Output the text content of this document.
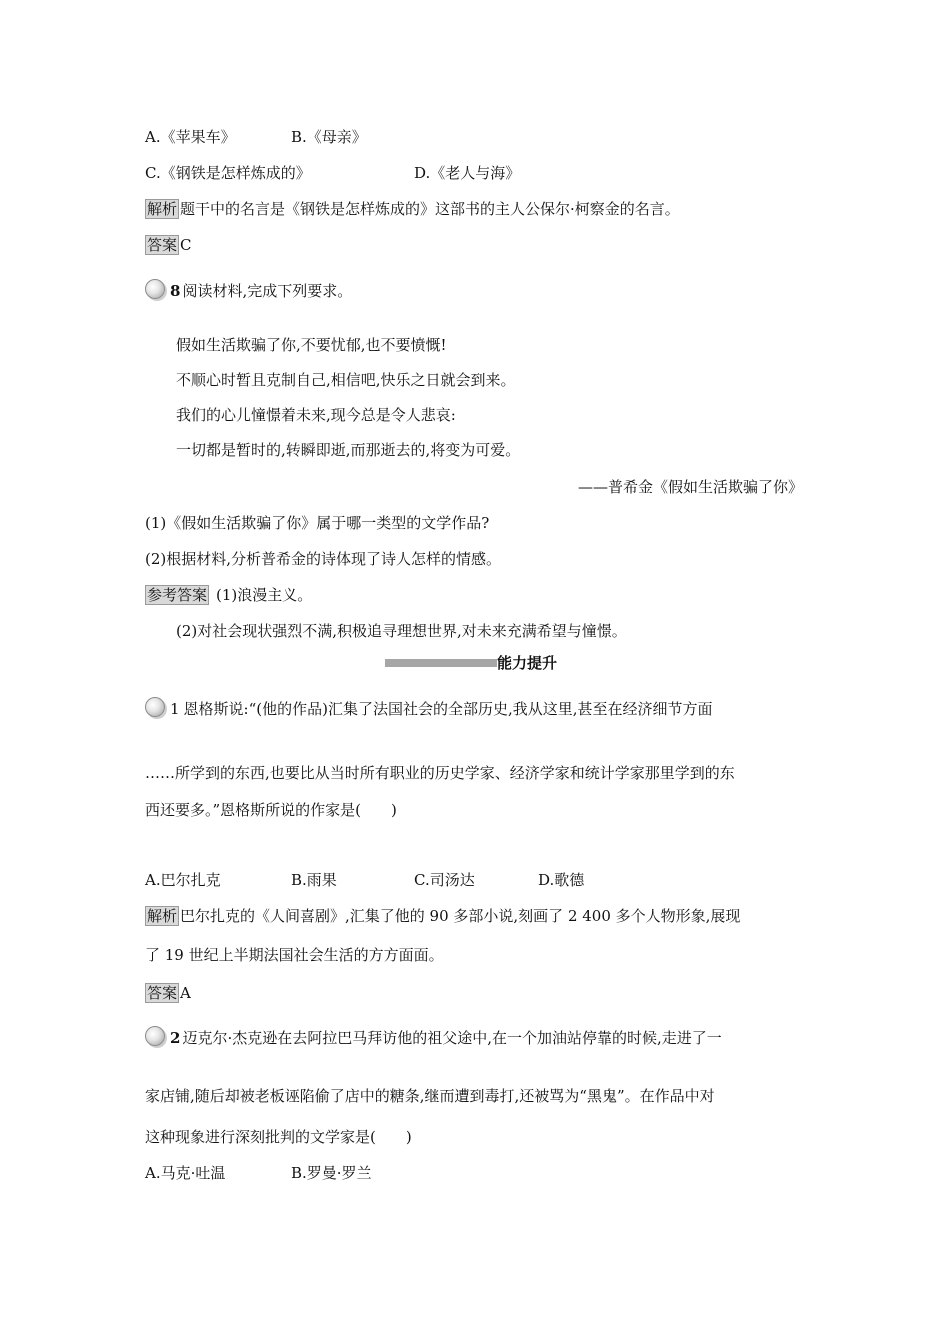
A.《苹果车》	B.《母亲》
C.《钢铁是怎样炼成的》	D.《老人与海》
解析 题干中的名言是《钢铁是怎样炼成的》这部书的主人公保尔·柯察金的名言。
答案 C
8 阅读材料,完成下列要求。
假如生活欺骗了你,不要忧郁,也不要愤慨!
不顺心时暂且克制自己,相信吧,快乐之日就会到来。
我们的心儿憧憬着未来,现今总是令人悲哀:
一切都是暂时的,转瞬即逝,而那逝去的,将变为可爱。
——普希金《假如生活欺骗了你》
(1)《假如生活欺骗了你》属于哪一类型的文学作品?
(2)根据材料,分析普希金的诗体现了诗人怎样的情感。
参考答案 (1)浪漫主义。
(2)对社会现状强烈不满,积极追寻理想世界,对未来充满希望与憧憬。
能力提升
1 恩格斯说:“(他的作品)汇集了法国社会的全部历史,我从这里,甚至在经济细节方面
……所学到的东西,也要比从当时所有职业的历史学家、经济学家和统计学家那里学到的东
西还要多。”恩格斯所说的作家是(　　)
A.巴尔扎克	B.雨果	C.司汤达	D.歌德
解析 巴尔扎克的《人间喜剧》,汇集了他的 90 多部小说,刻画了 2 400 多个人物形象,展现
了 19 世纪上半期法国社会生活的方方面面。
答案 A
2 迈克尔·杰克逊在去阿拉巴马拜访他的祖父途中,在一个加油站停靠的时候,走进了一
家店铺,随后却被老板诬陷偷了店中的糖条,继而遭到毒打,还被骂为“黑鬼”。在作品中对
这种现象进行深刻批判的文学家是(　　)
A.马克·吐温	B.罗曼·罗兰
